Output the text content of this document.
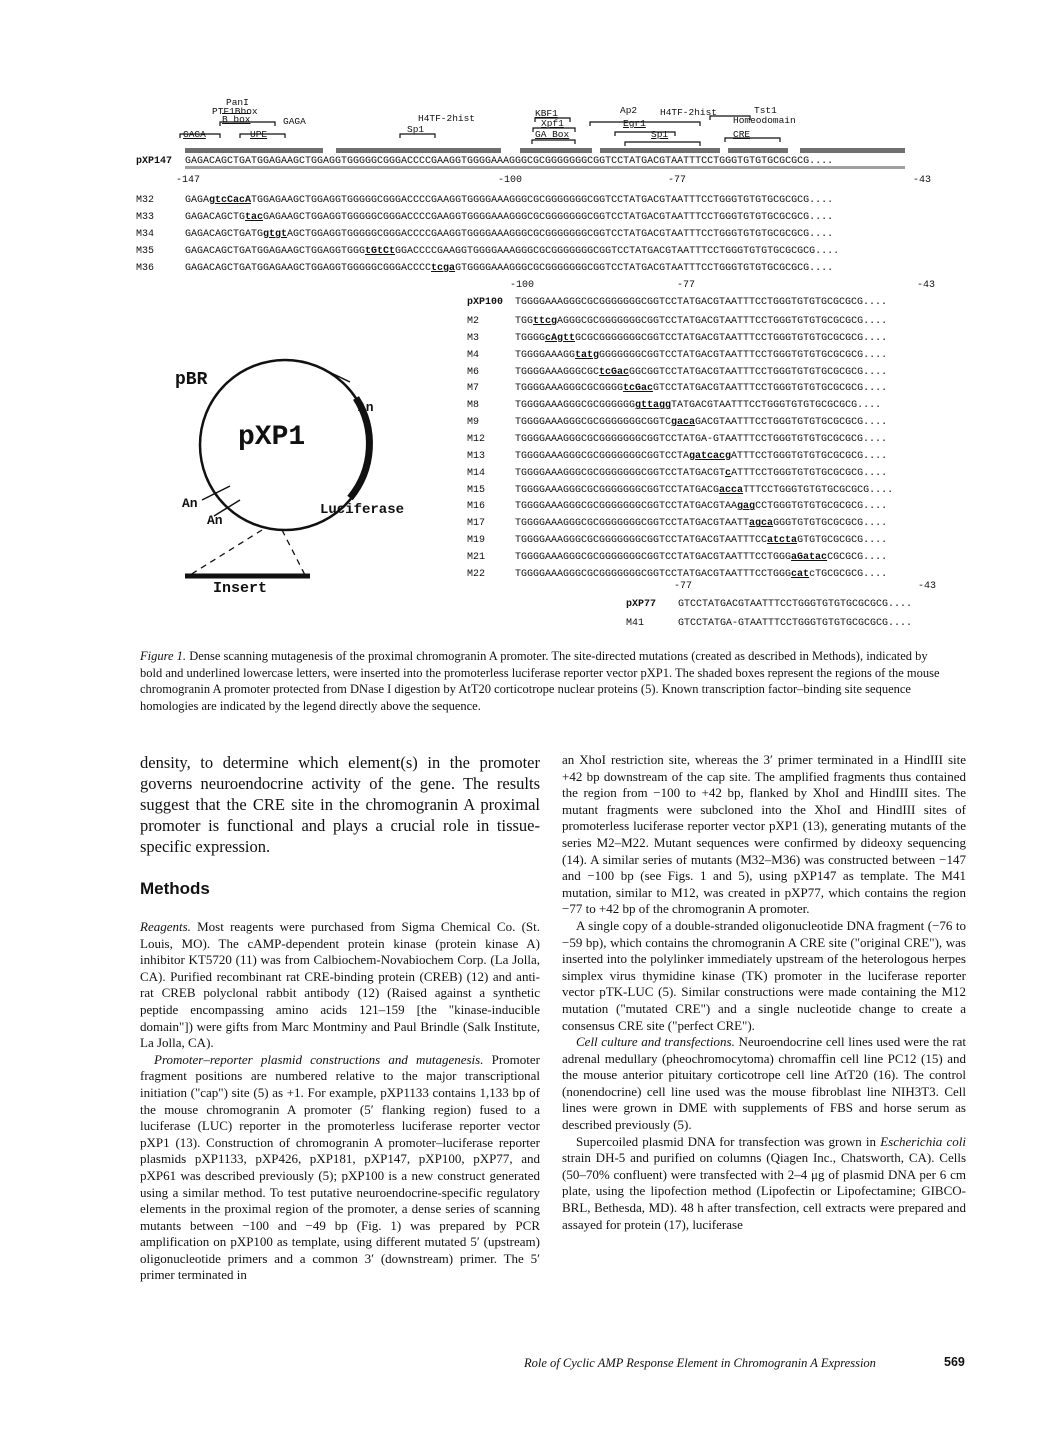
PanI
PTF1Bbox
B box	GAGA
GAGA	UPE
H4TF-2hist
Sp1
KBF1
Xpf1
GA Box
Ap2 H4TF-2hist
Egr1
Sp1
Tst1
Homeodomain
CRE
pXP147 GAGACAGCTGATGGAGAAGCTGGAGGTGGGGGCGGGACCCCGAAGGTGGGGAAAGGGCGCGGGGGGGCGGTCCTATGACGTAATTTCCTGGGTGTGTGCGCGCG....
-147	-100	-77	-43
M32	GAGAgtcCacATGGAGAAGCTGGAGGTGGGGGCGGGACCCCGAAGGTGGGGAAAGGGCGCGGGGGGGCGGTCCTATGACGTAATTTCCTGGGTGTGTGCGCGCG....
M33	GAGACAGCTGtacGAGAAGCTGGAGGTGGGGGCGGGACCCCGAAGGTGGGGAAAGGGCGCGGGGGGGCGGTCCTATGACGTAATTTCCTGGGTGTGTGCGCGCG....
M34	GAGACAGCTGATGgtgtAGCTGGAGGTGGGGGCGGGACCCCGAAGGTGGGGAAAGGGCGCGGGGGGGCGGTCCTATGACGTAATTTCCTGGGTGTGTGCGCGCG....
M35	GAGACAGCTGATGGAGAAGCTGGAGGTGGGtGtCtGGACCCCGAAGGTGGGGAAAGGGCGCGGGGGGGCGGTCCTATGACGTAATTTCCTGGGTGTGTGCGCGCG....
M36	GAGACAGCTGATGGAGAAGCTGGAGGTGGGGGCGGGACCCCtcgaGTGGGGAAAGGGCGCGGGGGGGCGGTCCTATGACGTAATTTCCTGGGTGTGTGCGCGCG....
-100	-77	-43
pXP100 TGGGGAAAGGGCGCGGGGGGGCGGTCCTATGACGTAATTTCCTGGGTGTGTGCGCGCG....
M2	TGGttcgAGGGCGCGGGGGGGCGGTCCTATGACGTAATTTCCTGGGTGTGTGCGCGCG....
M3	TGGGGcAgttGCGCGGGGGGGCGGTCCTATGACGTAATTTCCTGGGTGTGTGCGCGCG....
M4	TGGGGAAAGGtatgGGGGGGGCGGTCCTATGACGTAATTTCCTGGGTGTGTGCGCGCG....
M6	TGGGGAAAGGGCGCtcGacGGCGGTCCTATGACGTAATTTCCTGGGTGTGTGCGCGCG....
M7	TGGGGAAAGGGCGCGGGGtcGacGTCCTATGACGTAATTTCCTGGGTGTGTGCGCGCG....
M8	TGGGGAAAGGGCGCGGGGGGgttaggTATGACGTAATTTCCTGGGTGTGTGCGCGCG....
M9	TGGGGAAAGGGCGCGGGGGGGCGGTCgacaGACGTAATTTCCTGGGTGTGTGCGCGCG....
M12	TGGGGAAAGGGCGCGGGGGGGCGGTCCTATGA-GTAATTTCCTGGGTGTGTGCGCGCG....
M13	TGGGGAAAGGGCGCGGGGGGGCGGTCCTAgatcacgATTTCCTGGGTGTGTGCGCGCG....
M14	TGGGGAAAGGGCGCGGGGGGGCGGTCCTATGACGTcATTTCCTGGGTGTGTGCGCGCG....
M15	TGGGGAAAGGGCGCGGGGGGGCGGTCCTATGACGaccaTTTCCTGGGTGTGTGCGCGCG....
M16	TGGGGAAAGGGCGCGGGGGGGCGGTCCTATGACGTAAgagCCTGGGTGTGTGCGCGCG....
M17	TGGGGAAAGGGCGCGGGGGGGCGGTCCTATGACGTAATTagcaGGGTGTGTGCGCGCG....
M19	TGGGGAAAGGGCGCGGGGGGGCGGTCCTATGACGTAATTTCCatctaGTGTGCGCGCG....
M21	TGGGGAAAGGGCGCGGGGGGGCGGTCCTATGACGTAATTTCCTGGGaGatacCGCGCG....
M22	TGGGGAAAGGGCGCGGGGGGGCGGTCCTATGACGTAATTTCCTGGGcatcTGCGCGCG....
-77	-43
pXP77 GTCCTATGACGTAATTTCCTGGGTGTGTGCGCGCG....
M41	GTCCTATGA-GTAATTTCCTGGGTGTGTGCGCGCG....
pXP1
pBR
An
An
An
Luciferase
Insert
Figure 1. Dense scanning mutagenesis of the proximal chromogranin A promoter. The site-directed mutations (created as described in Methods), indicated by bold and underlined lowercase letters, were inserted into the promoterless luciferase reporter vector pXP1. The shaded boxes represent the regions of the mouse chromogranin A promoter protected from DNase I digestion by AtT20 corticotrope nuclear proteins (5). Known transcription factor–binding site sequence homologies are indicated by the legend directly above the sequence.

density, to determine which element(s) in the promoter governs neuroendocrine activity of the gene. The results suggest that the CRE site in the chromogranin A proximal promoter is functional and plays a crucial role in tissue-specific expression.

Methods

Reagents. Most reagents were purchased from Sigma Chemical Co. (St. Louis, MO). The cAMP-dependent protein kinase (protein kinase A) inhibitor KT5720 (11) was from Calbiochem-Novabiochem Corp. (La Jolla, CA). Purified recombinant rat CRE-binding protein (CREB) (12) and anti-rat CREB polyclonal rabbit antibody (12) (Raised against a synthetic peptide encompassing amino acids 121–159 [the "kinase-inducible domain"]) were gifts from Marc Montminy and Paul Brindle (Salk Institute, La Jolla, CA).

Promoter–reporter plasmid constructions and mutagenesis. Promoter fragment positions are numbered relative to the major transcriptional initiation ("cap") site (5) as +1. For example, pXP1133 contains 1,133 bp of the mouse chromogranin A promoter (5′ flanking region) fused to a luciferase (LUC) reporter in the promoterless luciferase reporter vector pXP1 (13). Construction of chromogranin A promoter–luciferase reporter plasmids pXP1133, pXP426, pXP181, pXP147, pXP100, pXP77, and pXP61 was described previously (5); pXP100 is a new construct generated using a similar method. To test putative neuroendocrine-specific regulatory elements in the proximal region of the promoter, a dense series of scanning mutants between −100 and −49 bp (Fig. 1) was prepared by PCR amplification on pXP100 as template, using different mutated 5′ (upstream) oligonucleotide primers and a common 3′ (downstream) primer. The 5′ primer terminated in

an XhoI restriction site, whereas the 3′ primer terminated in a HindIII site +42 bp downstream of the cap site. The amplified fragments thus contained the region from −100 to +42 bp, flanked by XhoI and HindIII sites. The mutant fragments were subcloned into the XhoI and HindIII sites of promoterless luciferase reporter vector pXP1 (13), generating mutants of the series M2–M22. Mutant sequences were confirmed by dideoxy sequencing (14). A similar series of mutants (M32–M36) was constructed between −147 and −100 bp (see Figs. 1 and 5), using pXP147 as template. The M41 mutation, similar to M12, was created in pXP77, which contains the region −77 to +42 bp of the chromogranin A promoter.

A single copy of a double-stranded oligonucleotide DNA fragment (−76 to −59 bp), which contains the chromogranin A CRE site ("original CRE"), was inserted into the polylinker immediately upstream of the heterologous herpes simplex virus thymidine kinase (TK) promoter in the luciferase reporter vector pTK-LUC (5). Similar constructions were made containing the M12 mutation ("mutated CRE") and a single nucleotide change to create a consensus CRE site ("perfect CRE").

Cell culture and transfections. Neuroendocrine cell lines used were the rat adrenal medullary (pheochromocytoma) chromaffin cell line PC12 (15) and the mouse anterior pituitary corticotrope cell line AtT20 (16). The control (nonendocrine) cell line used was the mouse fibroblast line NIH3T3. Cell lines were grown in DME with supplements of FBS and horse serum as described previously (5).

Supercoiled plasmid DNA for transfection was grown in Escherichia coli strain DH-5 and purified on columns (Qiagen Inc., Chatsworth, CA). Cells (50–70% confluent) were transfected with 2–4 μg of plasmid DNA per 6 cm plate, using the lipofection method (Lipofectin or Lipofectamine; GIBCO-BRL, Bethesda, MD). 48 h after transfection, cell extracts were prepared and assayed for protein (17), luciferase

Role of Cyclic AMP Response Element in Chromogranin A Expression	569
